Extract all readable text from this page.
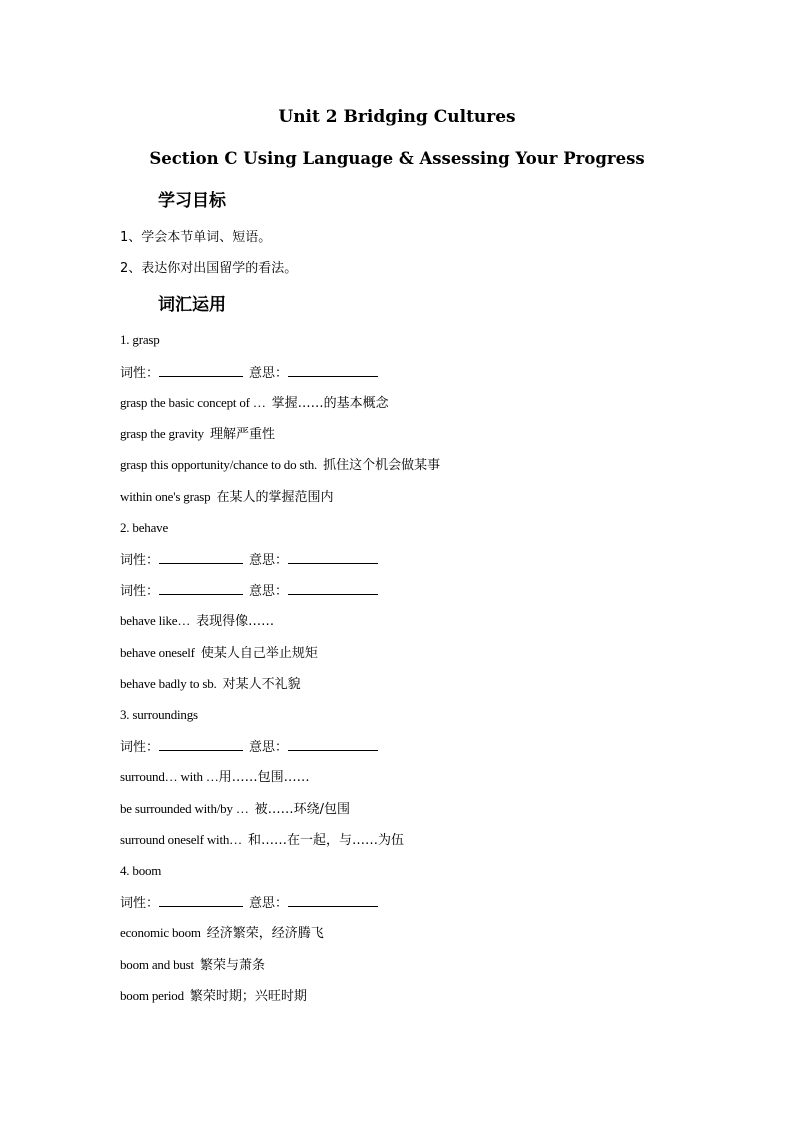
Unit 2 Bridging Cultures
Section C Using Language & Assessing Your Progress
学习目标
1、学会本节单词、短语。
2、表达你对出国留学的看法。
词汇运用
1. grasp
词性：	意思：
grasp the basic concept of … 掌握……的基本概念
grasp the gravity 理解严重性
grasp this opportunity/chance to do sth. 抓住这个机会做某事
within one's grasp 在某人的掌握范围内
2. behave
词性：	意思：
词性：	意思：
behave like… 表现得像……
behave oneself 使某人自己举止规矩
behave badly to sb. 对某人不礼貌
3. surroundings
词性：	意思：
surround… with …用……包围……
be surrounded with/by … 被……环绕/包围
surround oneself with… 和……在一起，与……为伍
4. boom
词性：	意思：
economic boom 经济繁荣，经济腾飞
boom and bust 繁荣与萧条
boom period 繁荣时期；兴旺时期
